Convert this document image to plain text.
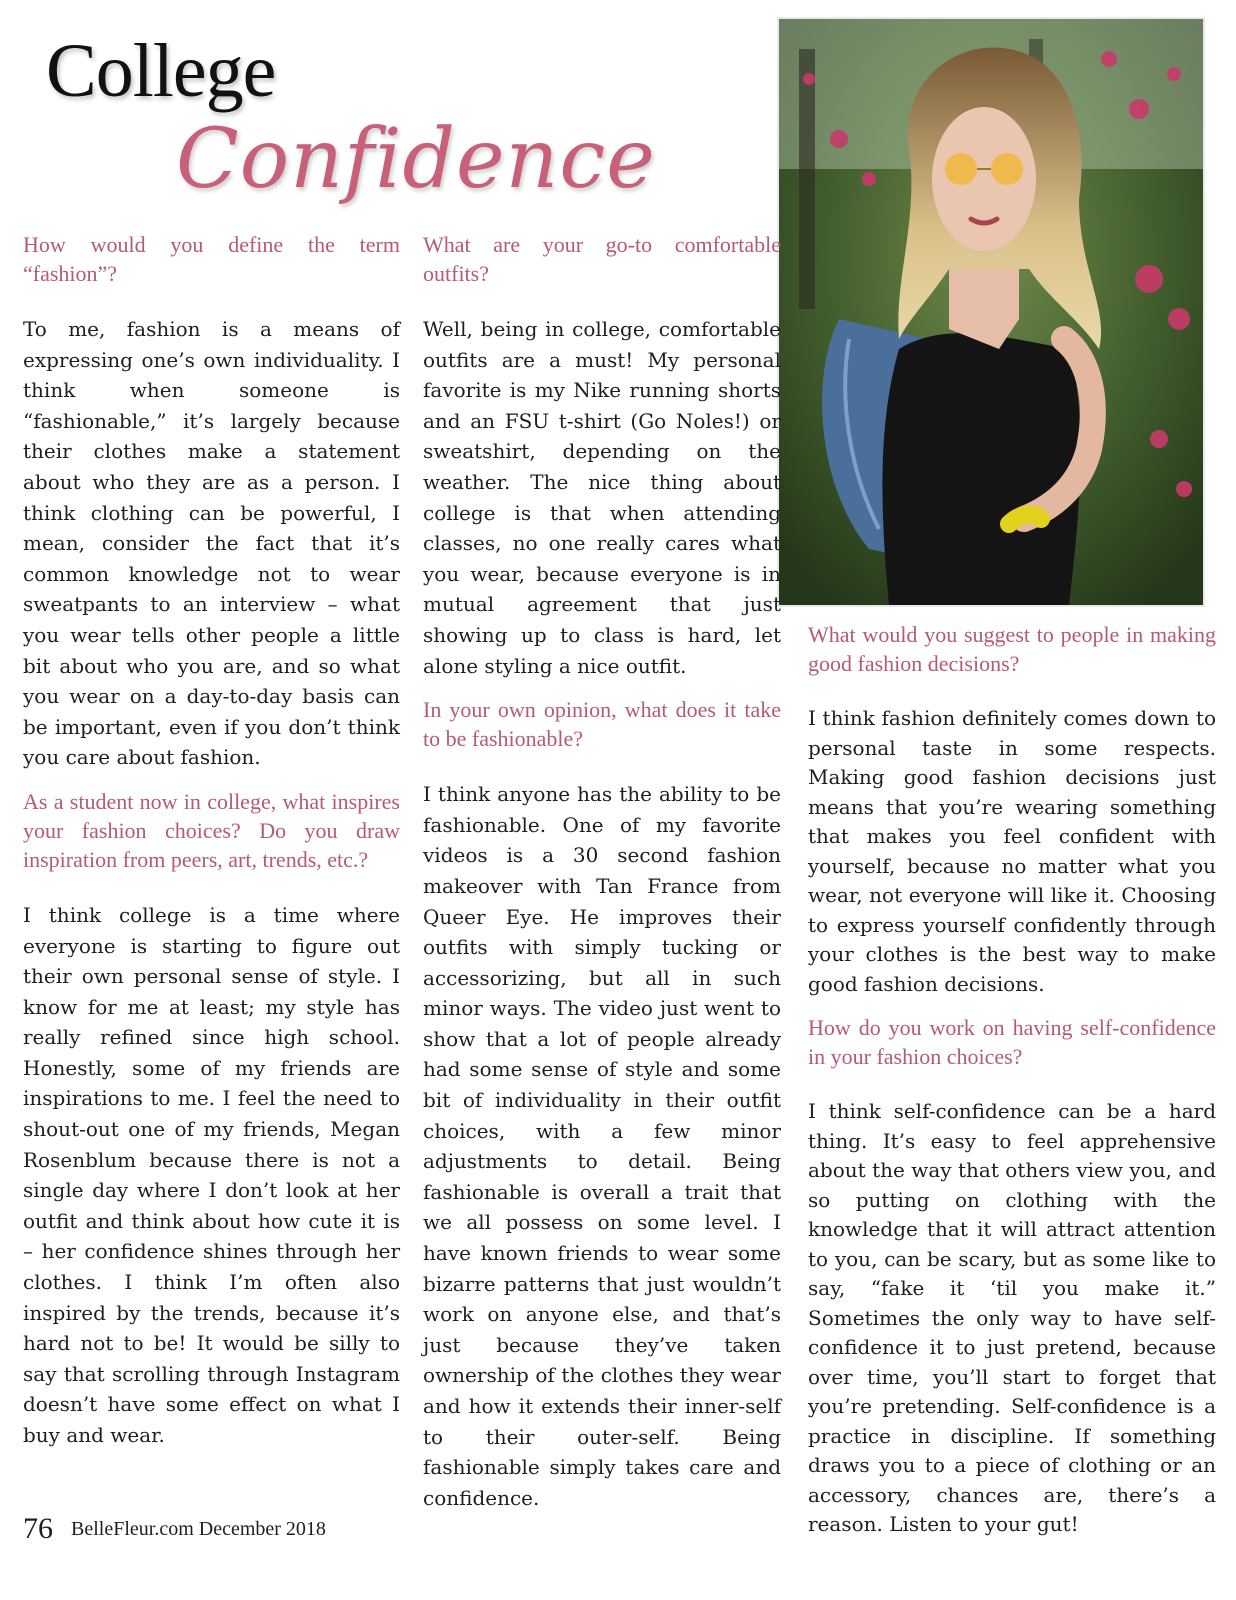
College
Confidence
How would you define the term “fashion”?

To me, fashion is a means of expressing one’s own individuality. I think when someone is “fashionable,” it’s largely because their clothes make a statement about who they are as a person. I think clothing can be powerful, I mean, consider the fact that it’s common knowledge not to wear sweatpants to an interview – what you wear tells other people a little bit about who you are, and so what you wear on a day-to-day basis can be important, even if you don’t think you care about fashion.

As a student now in college, what inspires your fashion choices? Do you draw inspiration from peers, art, trends, etc.?

I think college is a time where everyone is starting to figure out their own personal sense of style. I know for me at least; my style has really refined since high school. Honestly, some of my friends are inspirations to me. I feel the need to shout-out one of my friends, Megan Rosenblum because there is not a single day where I don’t look at her outfit and think about how cute it is – her confidence shines through her clothes. I think I’m often also inspired by the trends, because it’s hard not to be! It would be silly to say that scrolling through Instagram doesn’t have some effect on what I buy and wear.

What are your go-to comfortable outfits?

Well, being in college, comfortable outfits are a must! My personal favorite is my Nike running shorts and an FSU t-shirt (Go Noles!) or sweatshirt, depending on the weather. The nice thing about college is that when attending classes, no one really cares what you wear, because everyone is in mutual agreement that just showing up to class is hard, let alone styling a nice outfit.

In your own opinion, what does it take to be fashionable?

I think anyone has the ability to be fashionable. One of my favorite videos is a 30 second fashion makeover with Tan France from Queer Eye. He improves their outfits with simply tucking or accessorizing, but all in such minor ways. The video just went to show that a lot of people already had some sense of style and some bit of individuality in their outfit choices, with a few minor adjustments to detail. Being fashionable is overall a trait that we all possess on some level. I have known friends to wear some bizarre patterns that just wouldn’t work on anyone else, and that’s just because they’ve taken ownership of the clothes they wear and how it extends their inner-self to their outer-self. Being fashionable simply takes care and confidence.

What would you suggest to people in making good fashion decisions?

I think fashion definitely comes down to personal taste in some respects. Making good fashion decisions just means that you’re wearing something that makes you feel confident with yourself, because no matter what you wear, not everyone will like it. Choosing to express yourself confidently through your clothes is the best way to make good fashion decisions.

How do you work on having self-confidence in your fashion choices?

I think self-confidence can be a hard thing. It’s easy to feel apprehensive about the way that others view you, and so putting on clothing with the knowledge that it will attract attention to you, can be scary, but as some like to say, “fake it ‘til you make it.” Sometimes the only way to have self-confidence it to just pretend, because over time, you’ll start to forget that you’re pretending. Self-confidence is a practice in discipline. If something draws you to a piece of clothing or an accessory, chances are, there’s a reason. Listen to your gut!

76 BelleFleur.com December 2018
